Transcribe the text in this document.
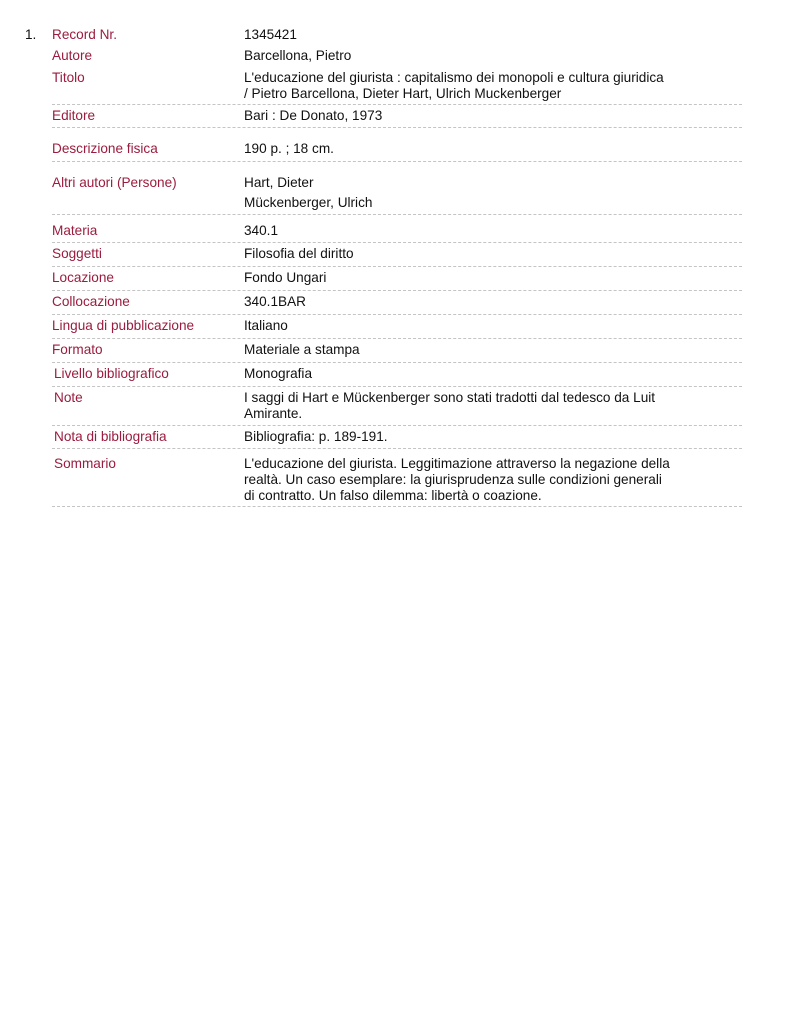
1. Record Nr.	1345421
Autore	Barcellona, Pietro
Titolo	L'educazione del giurista : capitalismo dei monopoli e cultura giuridica
/ Pietro Barcellona, Dieter Hart, Ulrich Muckenberger
Editore	Bari : De Donato, 1973
Descrizione fisica	190 p. ; 18 cm.
Altri autori (Persone)	Hart, Dieter
Mückenberger, Ulrich
Materia	340.1
Soggetti	Filosofia del diritto
Locazione	Fondo Ungari
Collocazione	340.1BAR
Lingua di pubblicazione	Italiano
Formato	Materiale a stampa
Livello bibliografico	Monografia
Note	I saggi di Hart e Mückenberger sono stati tradotti dal tedesco da Luit
Amirante.
Nota di bibliografia	Bibliografia: p. 189-191.
Sommario	L'educazione del giurista. Leggitimazione attraverso la negazione della
realtà. Un caso esemplare: la giurisprudenza sulle condizioni generali
di contratto. Un falso dilemma: libertà o coazione.
